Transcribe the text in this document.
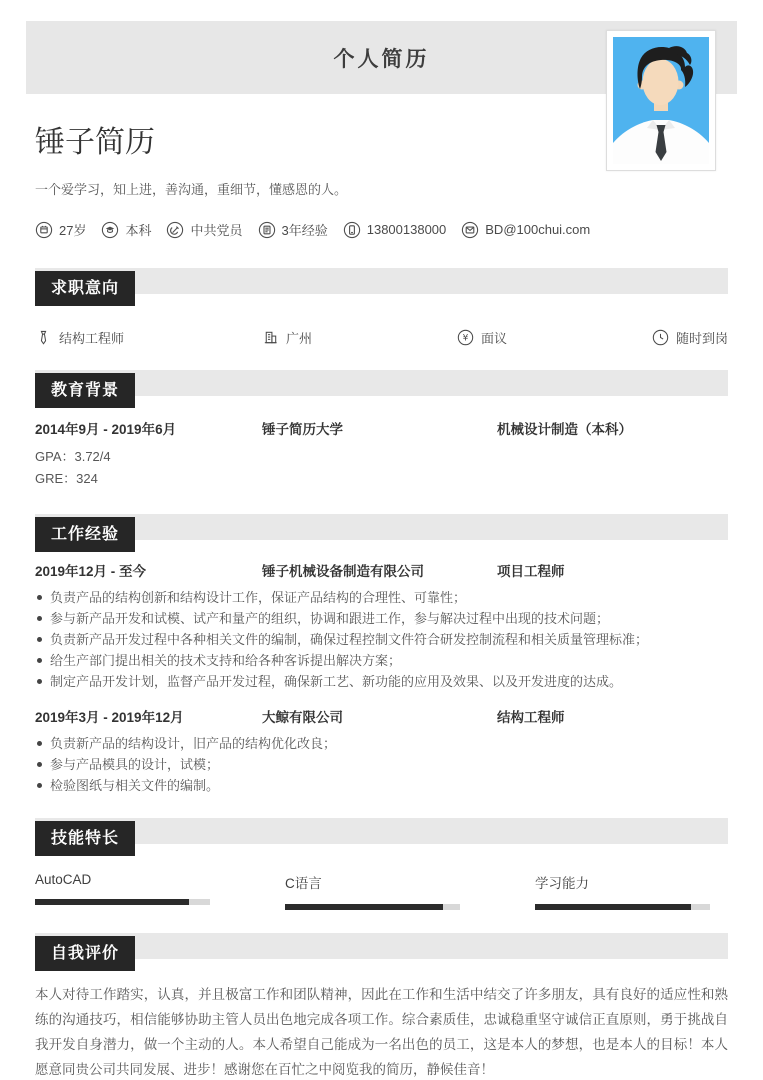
个人简历
锤子简历

一个爱学习，知上进，善沟通，重细节，懂感恩的人。

27岁	本科	中共党员	3年经验	13800138000	BD@100chui.com
求职意向
结构工程师	广州	¥ 面议	随时到岗
教育背景
2014年9月 - 2019年6月	锤子简历大学	机械设计制造（本科）
GPA：3.72/4
GRE：324
工作经验
2019年12月 - 至今	锤子机械设备制造有限公司	项目工程师
负责产品的结构创新和结构设计工作，保证产品结构的合理性、可靠性；
参与新产品开发和试模、试产和量产的组织，协调和跟进工作，参与解决过程中出现的技术问题；
负责新产品开发过程中各种相关文件的编制，确保过程控制文件符合研发控制流程和相关质量管理标准；
给生产部门提出相关的技术支持和给各种客诉提出解决方案；
制定产品开发计划，监督产品开发过程，确保新工艺、新功能的应用及效果、以及开发进度的达成。
2019年3月 - 2019年12月	大鲸有限公司	结构工程师
负责新产品的结构设计，旧产品的结构优化改良；
参与产品模具的设计，试模；
检验图纸与相关文件的编制。
技能特长
AutoCAD	C语言	学习能力
自我评价

本人对待工作踏实，认真，并且极富工作和团队精神，因此在工作和生活中结交了许多朋友，具有良好的适应性和熟练的沟通技巧，相信能够协助主管人员出色地完成各项工作。综合素质佳，忠诚稳重坚守诚信正直原则，勇于挑战自我开发自身潜力，做一个主动的人。本人希望自己能成为一名出色的员工，这是本人的梦想，也是本人的目标！本人愿意同贵公司共同发展、进步！感谢您在百忙之中阅览我的简历，静候佳音！
